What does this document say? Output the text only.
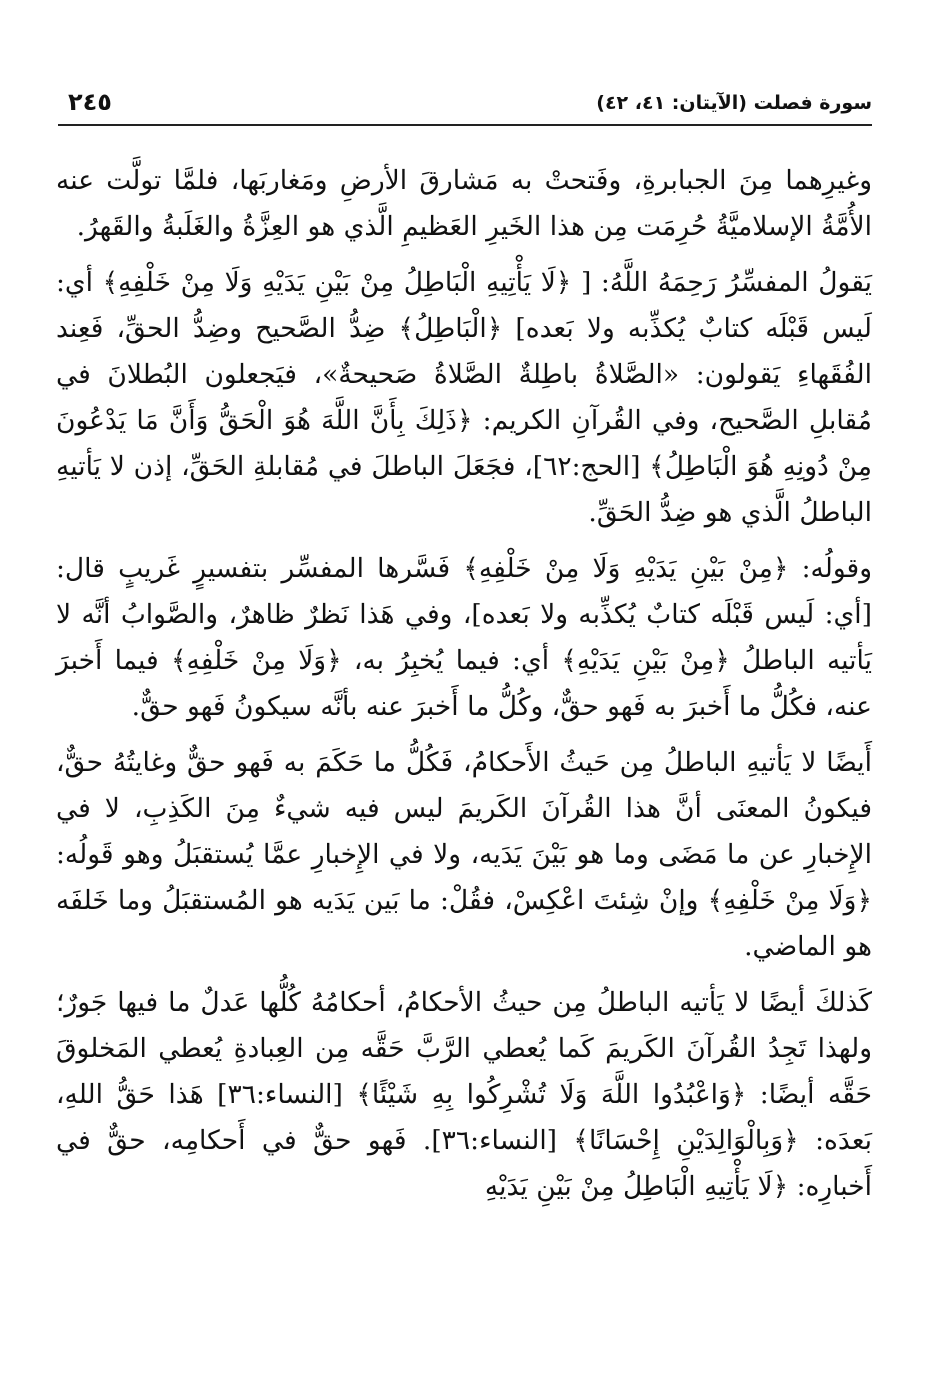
٢٤٥	سورة فصلت (الآيتان: ٤١، ٤٢)

وغيرِهما مِنَ الجبابرةِ، وفَتحتْ به مَشارقَ الأرضِ ومَغاربَها، فلمَّا تولَّت عنه الأُمَّةُ الإسلاميَّةُ حُرِمَت مِن هذا الخَيرِ العَظيمِ الَّذي هو العِزَّةُ والغَلَبةُ والقَهرُ.

يَقولُ المفسِّرُ رَحِمَهُ اللَّهُ: [ ﴿لَا يَأْتِيهِ الْبَاطِلُ مِنْ بَيْنِ يَدَيْهِ وَلَا مِنْ خَلْفِهِ﴾ أي: لَيس قَبْلَه كتابٌ يُكذِّبه ولا بَعده] ﴿الْبَاطِلُ﴾ ضِدُّ الصَّحيح وضِدُّ الحقِّ، فَعِند الفُقَهاءِ يَقولون: «الصَّلاةُ باطِلةٌ الصَّلاةُ صَحيحةٌ»، فيَجعلون البُطلانَ في مُقابلِ الصَّحيح، وفي القُرآنِ الكريم: ﴿ذَلِكَ بِأَنَّ اللَّهَ هُوَ الْحَقُّ وَأَنَّ مَا يَدْعُونَ مِنْ دُونِهِ هُوَ الْبَاطِلُ﴾ [الحج:٦٢]، فجَعَلَ الباطلَ في مُقابلةِ الحَقِّ، إذن لا يَأتيهِ الباطلُ الَّذي هو ضِدُّ الحَقِّ.

وقولُه: ﴿مِنْ بَيْنِ يَدَيْهِ وَلَا مِنْ خَلْفِهِ﴾ فَسَّرها المفسِّر بتفسيرٍ غَريبٍ قال: [أي: لَيس قَبْلَه كتابٌ يُكذِّبه ولا بَعده]، وفي هَذا نَظرٌ ظاهرٌ، والصَّوابُ أنَّه لا يَأتيه الباطلُ ﴿مِنْ بَيْنِ يَدَيْهِ﴾ أي: فيما يُخبِرُ به، ﴿وَلَا مِنْ خَلْفِهِ﴾ فيما أَخبرَ عنه، فكُلُّ ما أَخبرَ به فَهو حقٌّ، وكُلُّ ما أَخبرَ عنه بأنَّه سيكونُ فَهو حقٌّ.

أَيضًا لا يَأتيهِ الباطلُ مِن حَيثُ الأَحكامُ، فَكُلُّ ما حَكَمَ به فَهو حقٌّ وغايتُهُ حقٌّ، فيكونُ المعنَى أنَّ هذا القُرآنَ الكَريمَ ليس فيه شيءٌ مِنَ الكَذِبِ، لا في الإِخبارِ عن ما مَضَى وما هو بَيْنَ يَدَيه، ولا في الإِخبارِ عمَّا يُستقبَلُ وهو قَولُه: ﴿وَلَا مِنْ خَلْفِهِ﴾ وإنْ شِئتَ اعْكِسْ، فقُلْ: ما بَين يَدَيه هو المُستقبَلُ وما خَلفَه هو الماضي.

كَذلكَ أيضًا لا يَأتيه الباطلُ مِن حيثُ الأحكامُ، أحكامُهُ كُلُّها عَدلٌ ما فيها جَورٌ؛ ولهذا تَجِدُ القُرآنَ الكَريمَ كَما يُعطي الرَّبَّ حَقَّه مِن العِبادةِ يُعطي المَخلوقَ حَقَّه أيضًا: ﴿وَاعْبُدُوا اللَّهَ وَلَا تُشْرِكُوا بِهِ شَيْئًا﴾ [النساء:٣٦] هَذا حَقُّ اللهِ، بَعدَه: ﴿وَبِالْوَالِدَيْنِ إِحْسَانًا﴾ [النساء:٣٦]. فَهو حقٌّ في أَحكامِه، حقٌّ في أَخبارِه: ﴿لَا يَأْتِيهِ الْبَاطِلُ مِنْ بَيْنِ يَدَيْهِ
